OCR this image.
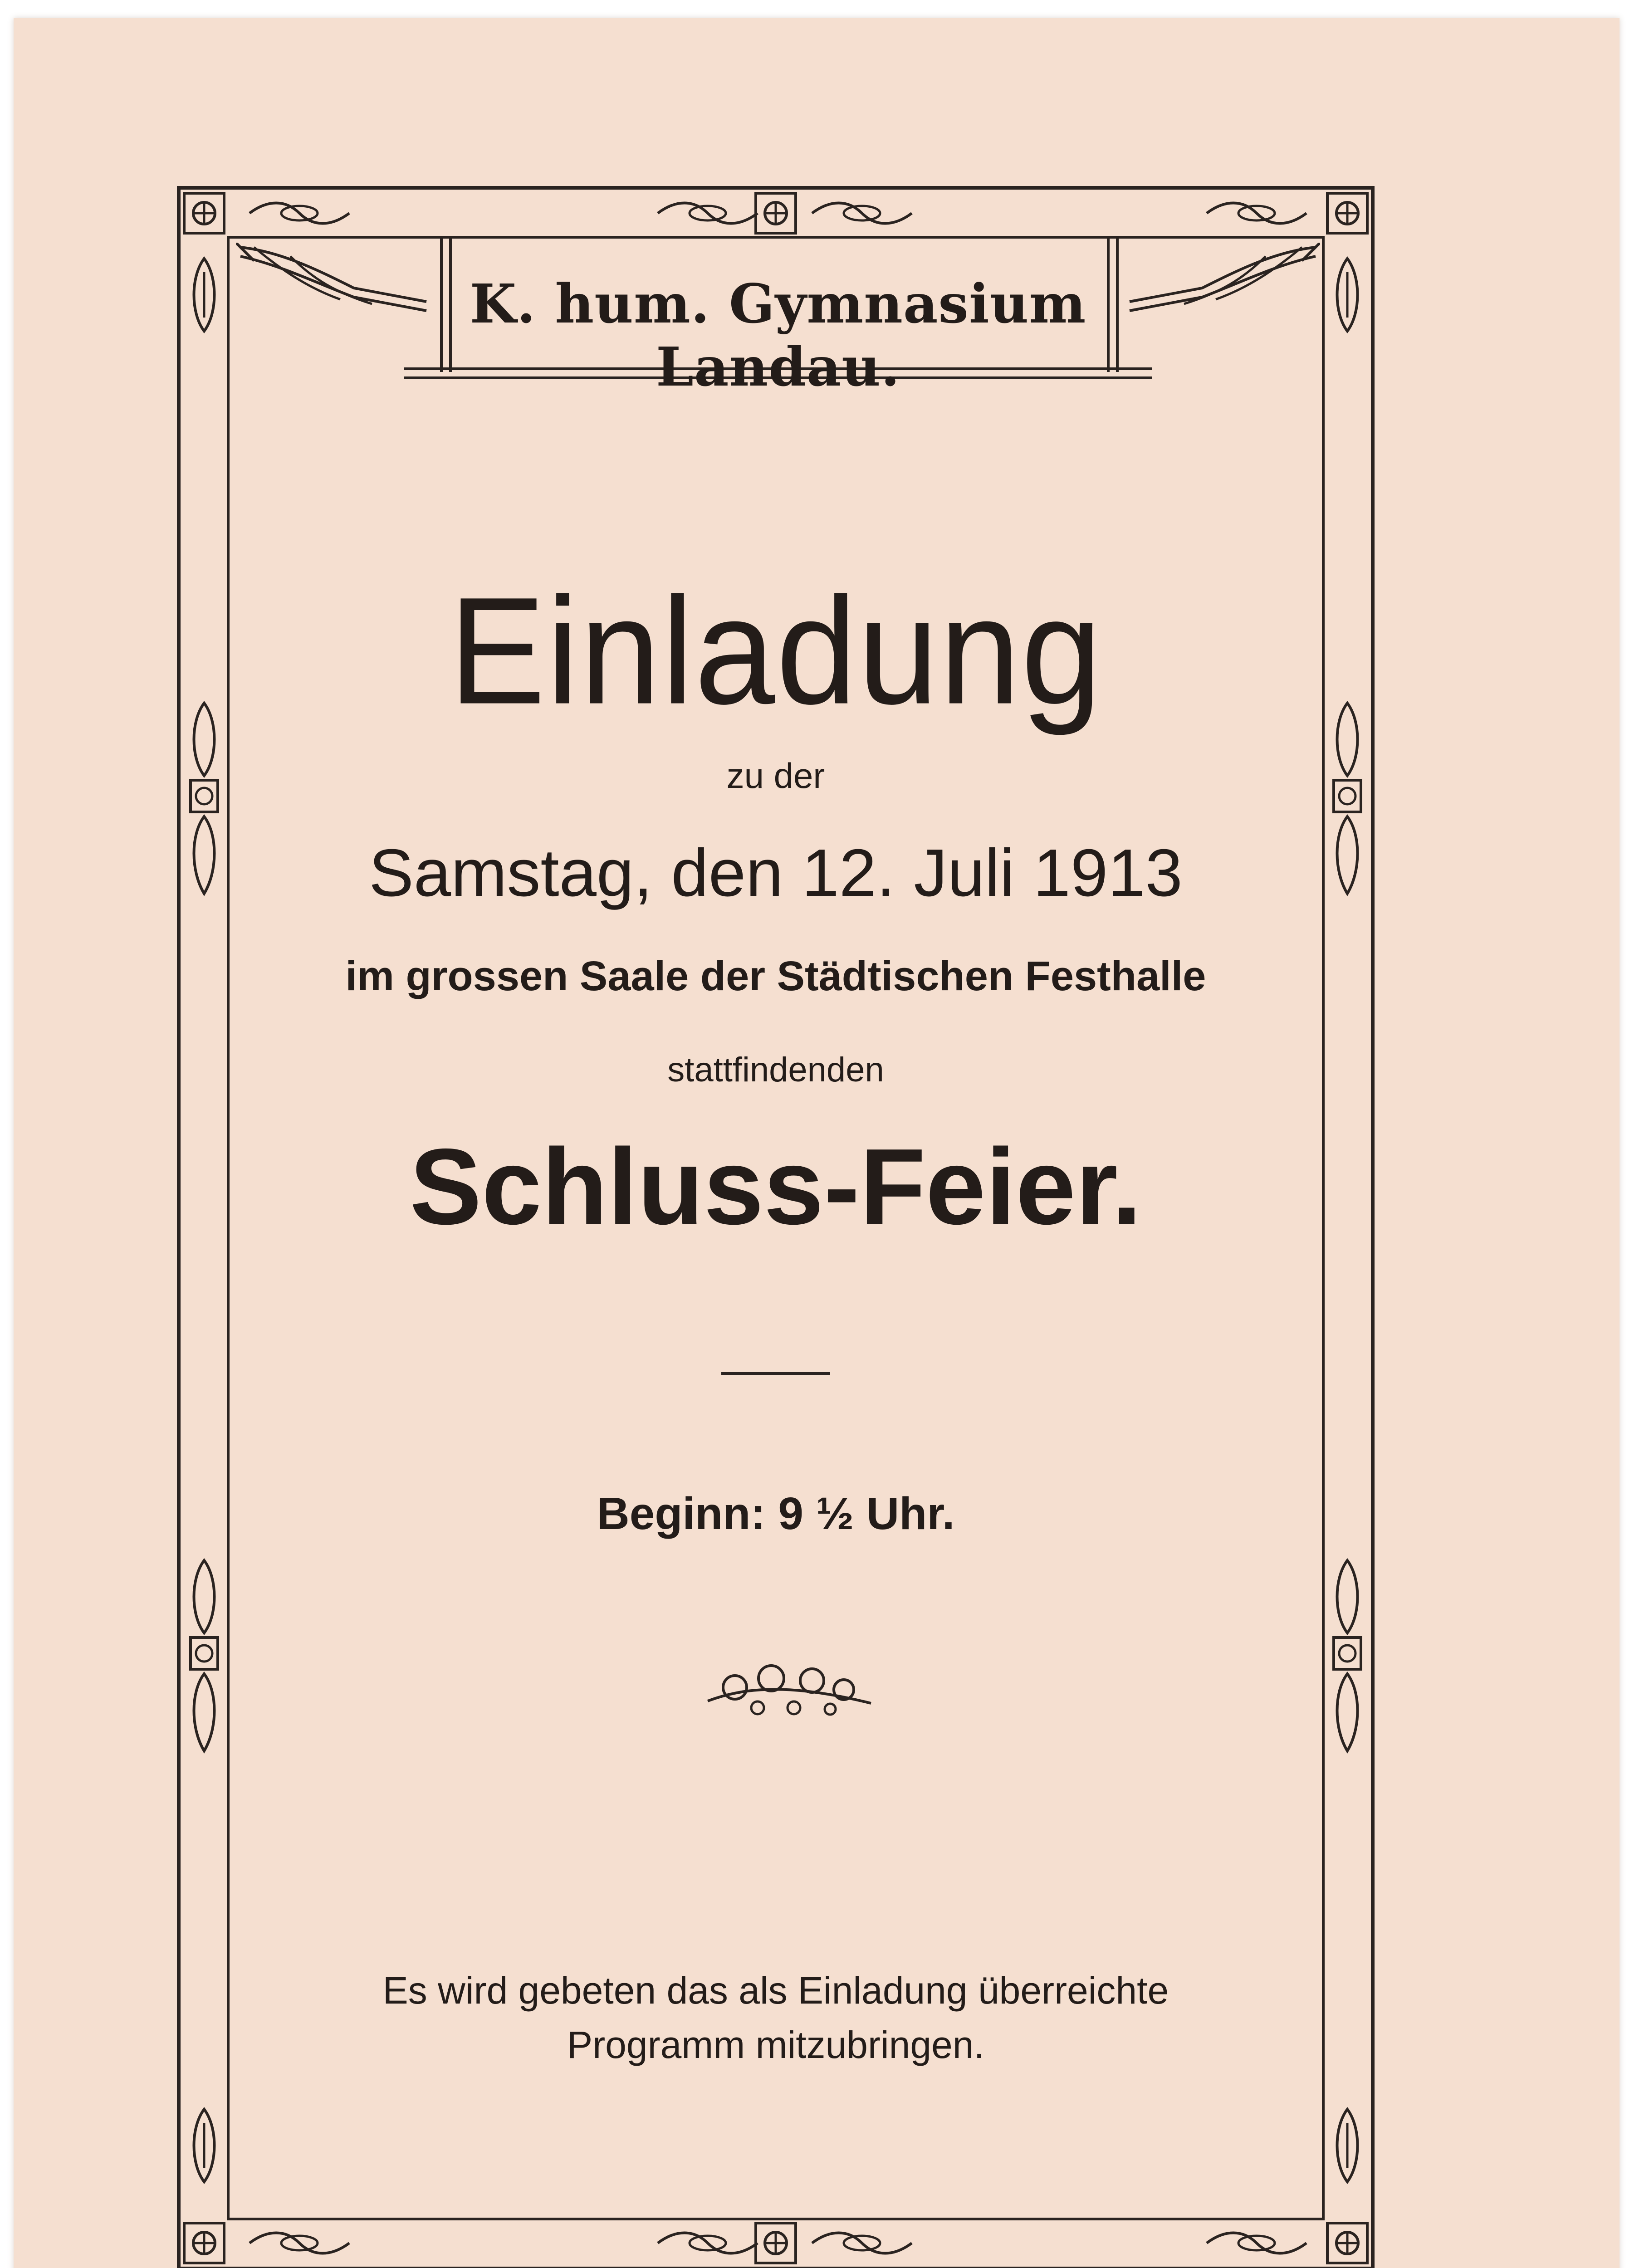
K. hum. Gymnasium Landau.
Einladung
zu der
Samstag, den 12. Juli 1913
im grossen Saale der Städtischen Festhalle
stattfindenden
Schluss-Feier.
Beginn: 9 ½ Uhr.
Es wird gebeten das als Einladung überreichte
Programm mitzubringen.
